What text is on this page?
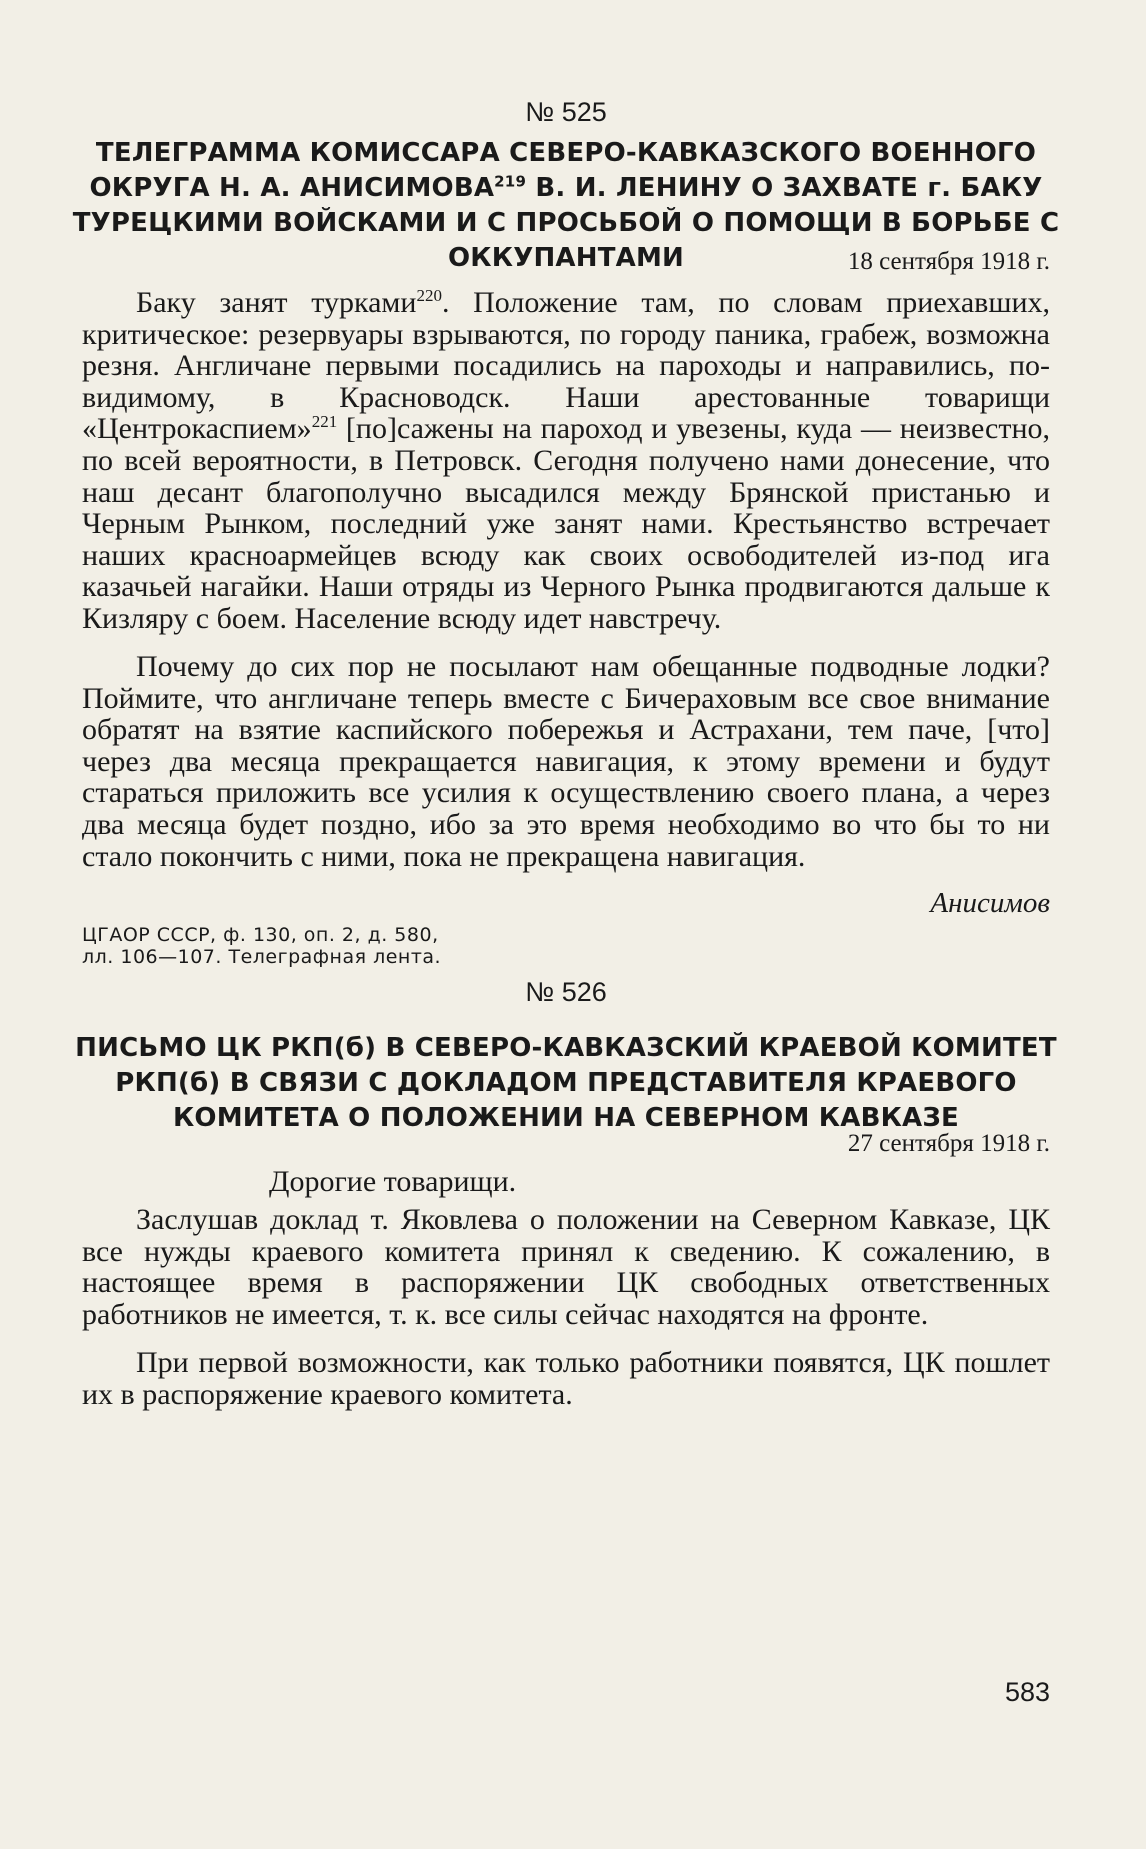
№ 525
ТЕЛЕГРАММА КОМИССАРА СЕВЕРО-КАВКАЗСКОГО ВОЕННОГО ОКРУГА Н. А. АНИСИМОВА$^{219}$ В. И. ЛЕНИНУ О ЗАХВАТЕ г. БАКУ ТУРЕЦКИМИ ВОЙСКАМИ И С ПРОСЬБОЙ О ПОМОЩИ В БОРЬБЕ С ОККУПАНТАМИ	18 сентября 1918 г.

Баку занят турками$^{220}$. Положение там, по словам приехавших, критическое: резервуары взрываются, по городу паника, грабеж, возможна резня. Англичане первыми посадились на пароходы и направились, по-видимому, в Красноводск. Наши арестованные товарищи «Центрокаспием»$^{221}$ [по]сажены на пароход и увезены, куда — неизвестно, по всей вероятности, в Петровск. Сегодня получено нами донесение, что наш десант благополучно высадился между Брянской пристанью и Черным Рынком, последний уже занят нами. Крестьянство встречает наших красноармейцев всюду как своих освободителей из-под ига казачьей нагайки. Наши отряды из Черного Рынка продвигаются дальше к Кизляру с боем. Население всюду идет навстречу.

Почему до сих пор не посылают нам обещанные подводные лодки? Поймите, что англичане теперь вместе с Бичераховым все свое внимание обратят на взятие каспийского побережья и Астрахани, тем паче, [что] через два месяца прекращается навигация, к этому времени и будут стараться приложить все усилия к осуществлению своего плана, а через два месяца будет поздно, ибо за это время необходимо во что бы то ни стало покончить с ними, пока не прекращена навигация.

Анисимов
ЦГАОР СССР, ф. 130, оп. 2, д. 580,
лл. 106—107. Телеграфная лента.
№ 526
ПИСЬМО ЦК РКП(б) В СЕВЕРО-КАВКАЗСКИЙ КРАЕВОЙ КОМИТЕТ РКП(б) В СВЯЗИ С ДОКЛАДОМ ПРЕДСТАВИТЕЛЯ КРАЕВОГО КОМИТЕТА О ПОЛОЖЕНИИ НА СЕВЕРНОМ КАВКАЗЕ
27 сентября 1918 г.
Дорогие товарищи.

Заслушав доклад т. Яковлева о положении на Северном Кавказе, ЦК все нужды краевого комитета принял к сведению. К сожалению, в настоящее время в распоряжении ЦК свободных ответственных работников не имеется, т. к. все силы сейчас находятся на фронте.

При первой возможности, как только работники появятся, ЦК пошлет их в распоряжение краевого комитета.

583
